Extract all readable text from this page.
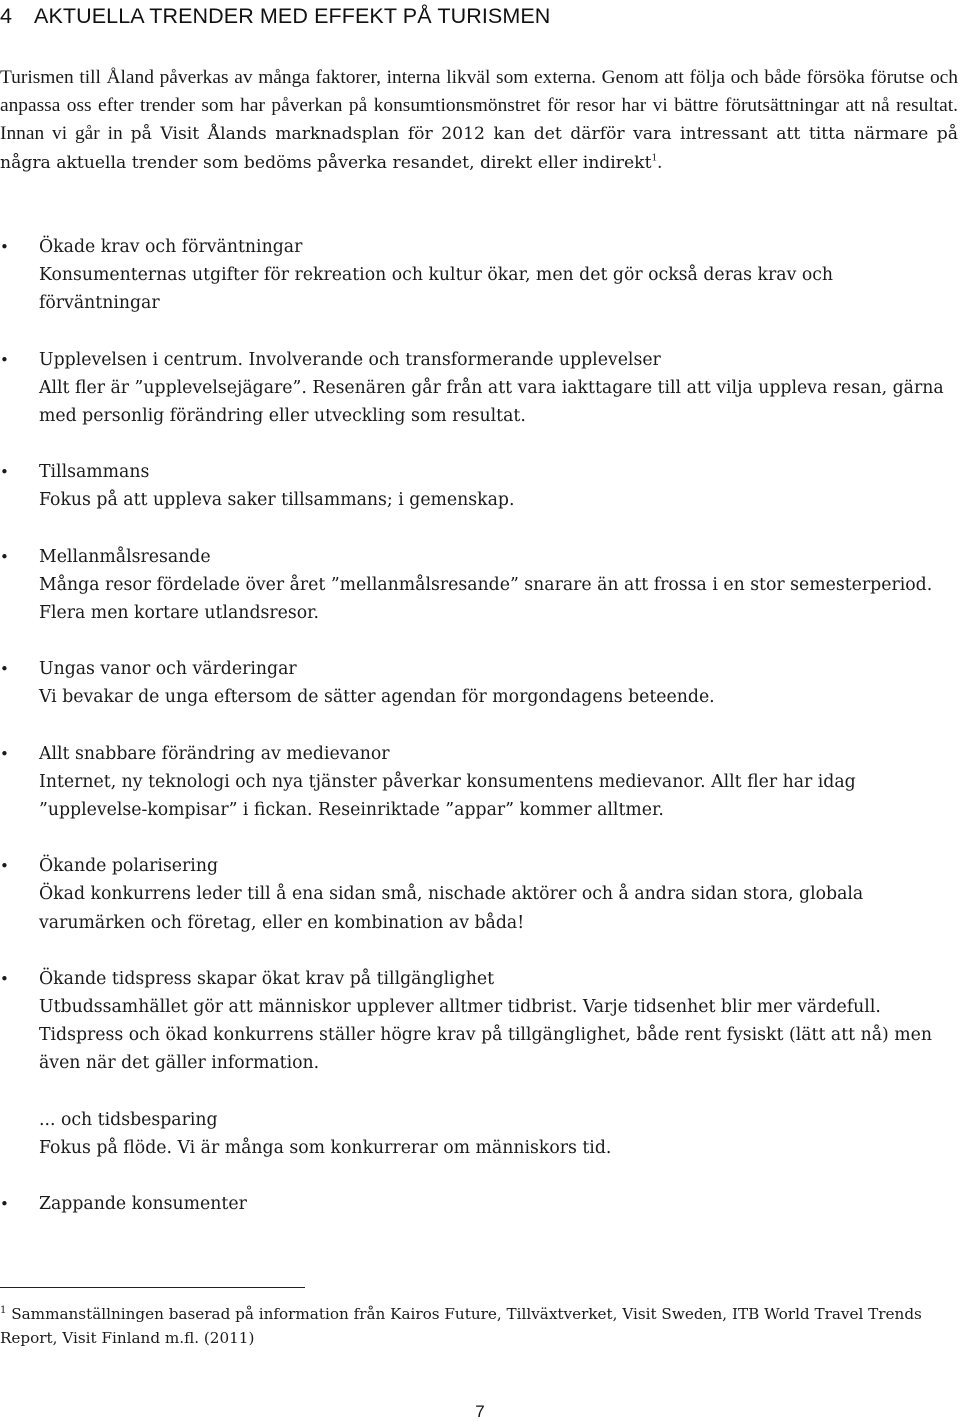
4 AKTUELLA TRENDER MED EFFEKT PÅ TURISMEN
Turismen till Åland påverkas av många faktorer, interna likväl som externa. Genom att följa och både försöka förutse och anpassa oss efter trender som har påverkan på konsumtionsmönstret för resor har vi bättre förutsättningar att nå resultat. Innan vi går in på Visit Ålands marknadsplan för 2012 kan det därför vara intressant att titta närmare på några aktuella trender som bedöms påverka resandet, direkt eller indirekt$^1$.
• Ökade krav och förväntningar
Konsumenternas utgifter för rekreation och kultur ökar, men det gör också deras krav och förväntningar
• Upplevelsen i centrum. Involverande och transformerande upplevelser
Allt fler är ”upplevelsejägare”. Resenären går från att vara iakttagare till att vilja uppleva resan, gärna med personlig förändring eller utveckling som resultat.
• Tillsammans
Fokus på att uppleva saker tillsammans; i gemenskap.
• Mellanmålsresande
Många resor fördelade över året ”mellanmålsresande” snarare än att frossa i en stor semesterperiod. Flera men kortare utlandsresor.
• Ungas vanor och värderingar
Vi bevakar de unga eftersom de sätter agendan för morgondagens beteende.
• Allt snabbare förändring av medievanor
Internet, ny teknologi och nya tjänster påverkar konsumentens medievanor. Allt fler har idag ”upplevelse-kompisar” i fickan. Reseinriktade ”appar” kommer alltmer.
• Ökande polarisering
Ökad konkurrens leder till å ena sidan små, nischade aktörer och å andra sidan stora, globala varumärken och företag, eller en kombination av båda!
• Ökande tidspress skapar ökat krav på tillgänglighet
Utbudssamhället gör att människor upplever alltmer tidbrist. Varje tidsenhet blir mer värdefull. Tidspress och ökad konkurrens ställer högre krav på tillgänglighet, både rent fysiskt (lätt att nå) men även när det gäller information.
... och tidsbesparing
Fokus på flöde. Vi är många som konkurrerar om människors tid.
• Zappande konsumenter
$^1$ Sammanställningen baserad på information från Kairos Future, Tillväxtverket, Visit Sweden, ITB World Travel Trends Report, Visit Finland m.fl. (2011)
7
